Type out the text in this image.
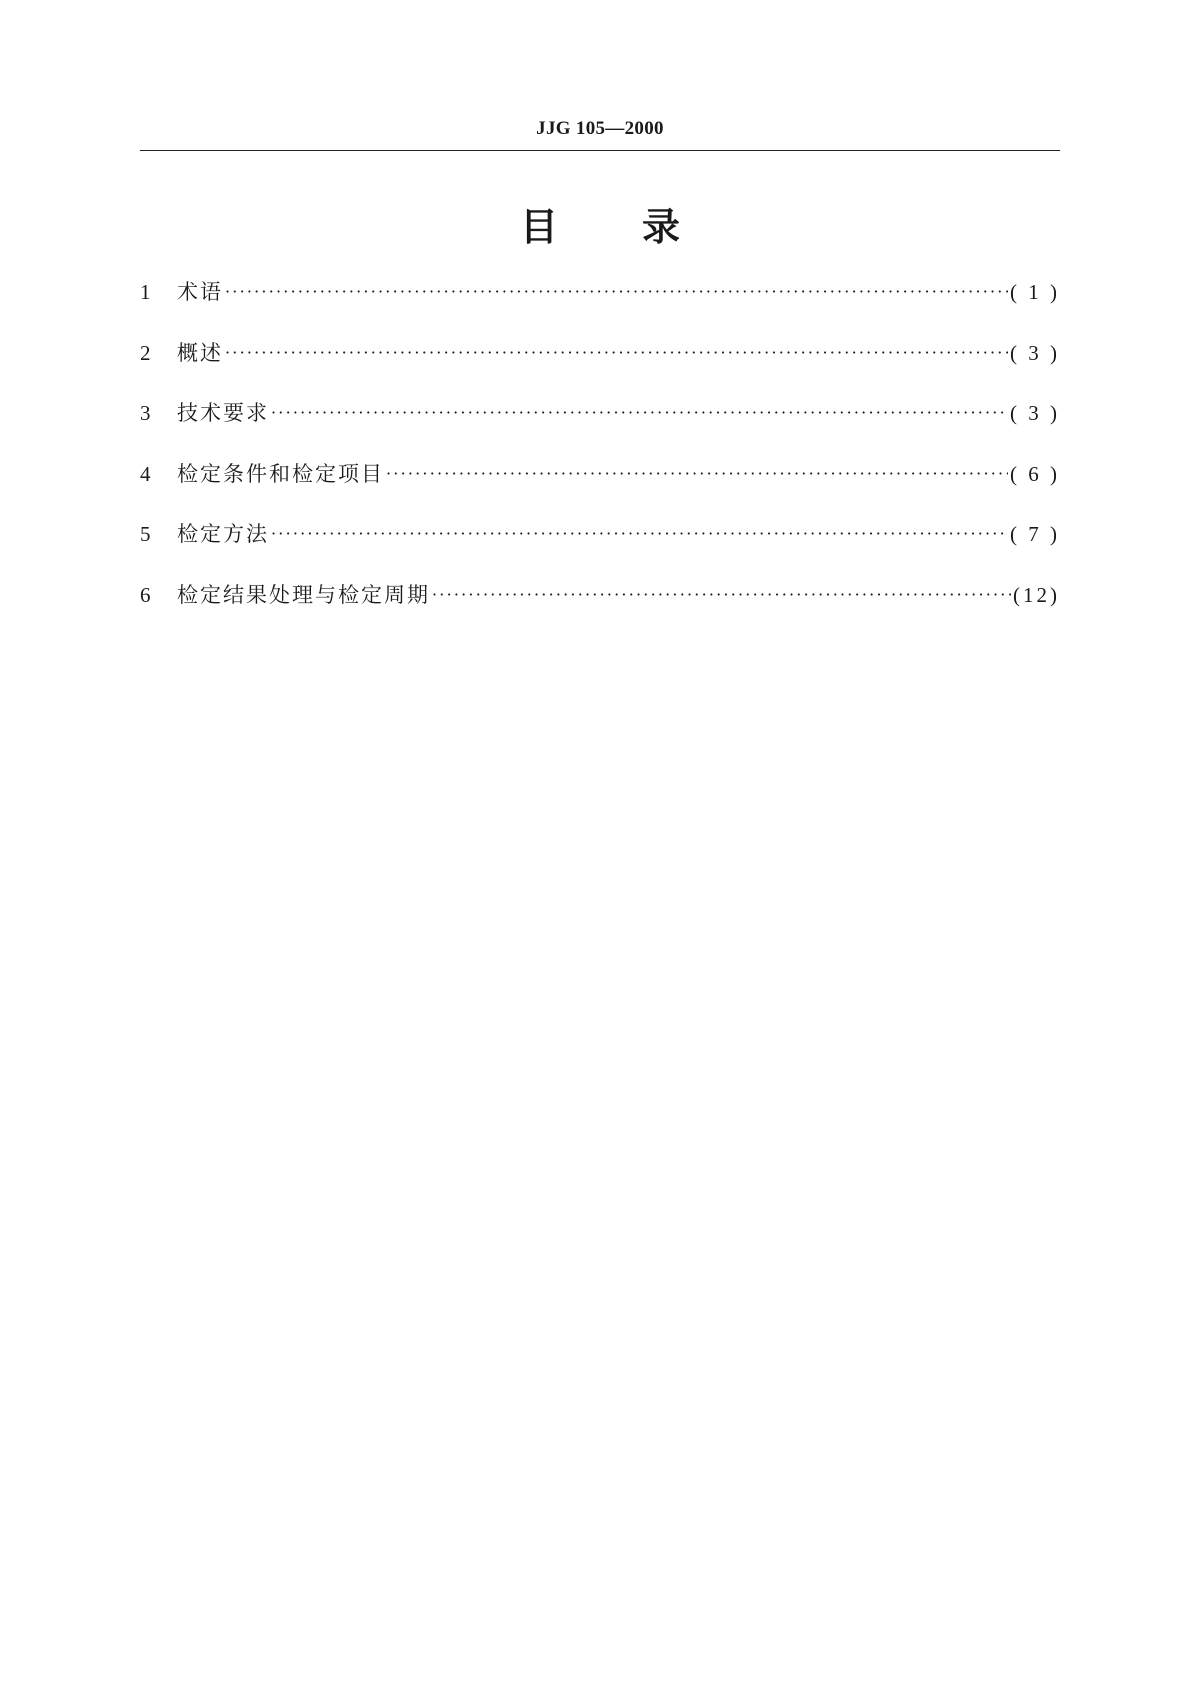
JJG 105—2000
目录
1	术语 ·····	( 1 )
2	概述 ·····	( 3 )
3	技术要求 ·····	( 3 )
4	检定条件和检定项目 ·····	( 6 )
5	检定方法 ·····	( 7 )
6	检定结果处理与检定周期 ·····	(12)
